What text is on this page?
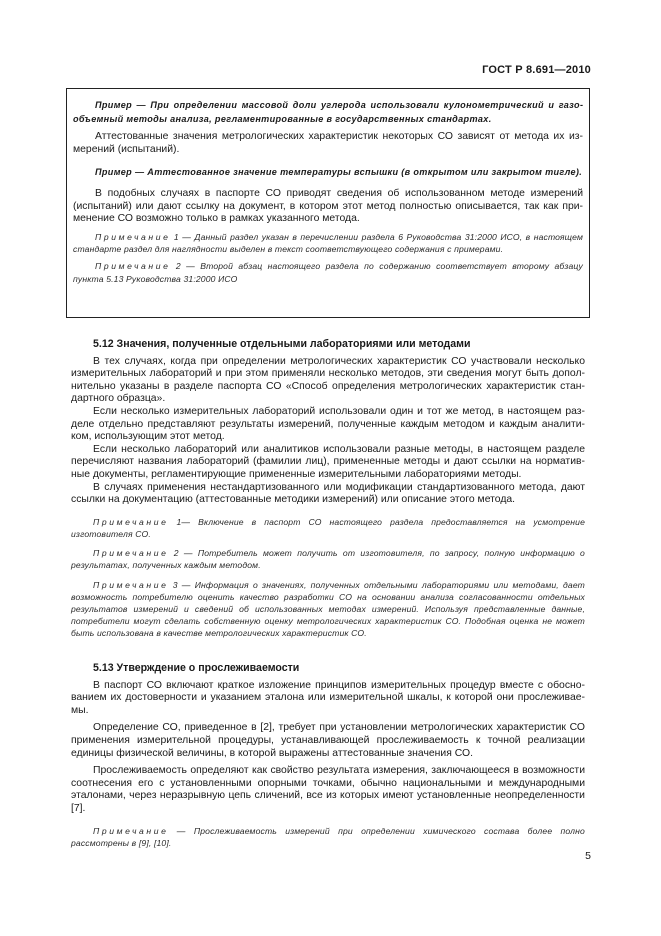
ГОСТ Р 8.691—2010

Пример — При определении массовой доли углерода использовали кулонометрический и газообъемный методы анализа, регламентированные в государственных стандартах.

Аттестованные значения метрологических характеристик некоторых СО зависят от метода их измерений (испытаний).

Пример — Аттестованное значение температуры вспышки (в открытом или закрытом тигле).

В подобных случаях в паспорте СО приводят сведения об использованном методе измерений (испытаний) или дают ссылку на документ, в котором этот метод полностью описывается, так как применение СО возможно только в рамках указанного метода.

Примечание 1 — Данный раздел указан в перечислении раздела 6 Руководства 31:2000 ИСО, в настоящем стандарте раздел для наглядности выделен в текст соответствующего содержания с примерами.

Примечание 2 — Второй абзац настоящего раздела по содержанию соответствует второму абзацу пункта 5.13 Руководства 31:2000 ИСО

5.12 Значения, полученные отдельными лабораториями или методами

В тех случаях, когда при определении метрологических характеристик СО участвовали несколько измерительных лабораторий и при этом применяли несколько методов, эти сведения могут быть дополнительно указаны в разделе паспорта СО «Способ определения метрологических характеристик стандартного образца».

Если несколько измерительных лабораторий использовали один и тот же метод, в настоящем разделе отдельно представляют результаты измерений, полученные каждым методом и каждым аналитиком, использующим этот метод.

Если несколько лабораторий или аналитиков использовали разные методы, в настоящем разделе перечисляют названия лабораторий (фамилии лиц), примененные методы и дают ссылки на нормативные документы, регламентирующие примененные измерительными лабораториями методы.

В случаях применения нестандартизованного или модификации стандартизованного метода, дают ссылки на документацию (аттестованные методики измерений) или описание этого метода.

Примечание 1— Включение в паспорт СО настоящего раздела предоставляется на усмотрение изготовителя СО.

Примечание 2 — Потребитель может получить от изготовителя, по запросу, полную информацию о результатах, полученных каждым методом.

Примечание 3 — Информация о значениях, полученных отдельными лабораториями или методами, дает возможность потребителю оценить качество разработки СО на основании анализа согласованности отдельных результатов измерений и сведений об использованных методах измерений. Используя представленные данные, потребители могут сделать собственную оценку метрологических характеристик СО. Подобная оценка не может быть использована в качестве метрологических характеристик СО.

5.13 Утверждение о прослеживаемости

В паспорт СО включают краткое изложение принципов измерительных процедур вместе с обоснованием их достоверности и указанием эталона или измерительной шкалы, к которой они прослеживаемы.

Определение СО, приведенное в [2], требует при установлении метрологических характеристик СО применения измерительной процедуры, устанавливающей прослеживаемость к точной реализации единицы физической величины, в которой выражены аттестованные значения СО.

Прослеживаемость определяют как свойство результата измерения, заключающееся в возможности соотнесения его с установленными опорными точками, обычно национальными и международными эталонами, через неразрывную цепь сличений, все из которых имеют установленные неопределенности [7].

Примечание — Прослеживаемость измерений при определении химического состава более полно рассмотрены в [9], [10].

5
